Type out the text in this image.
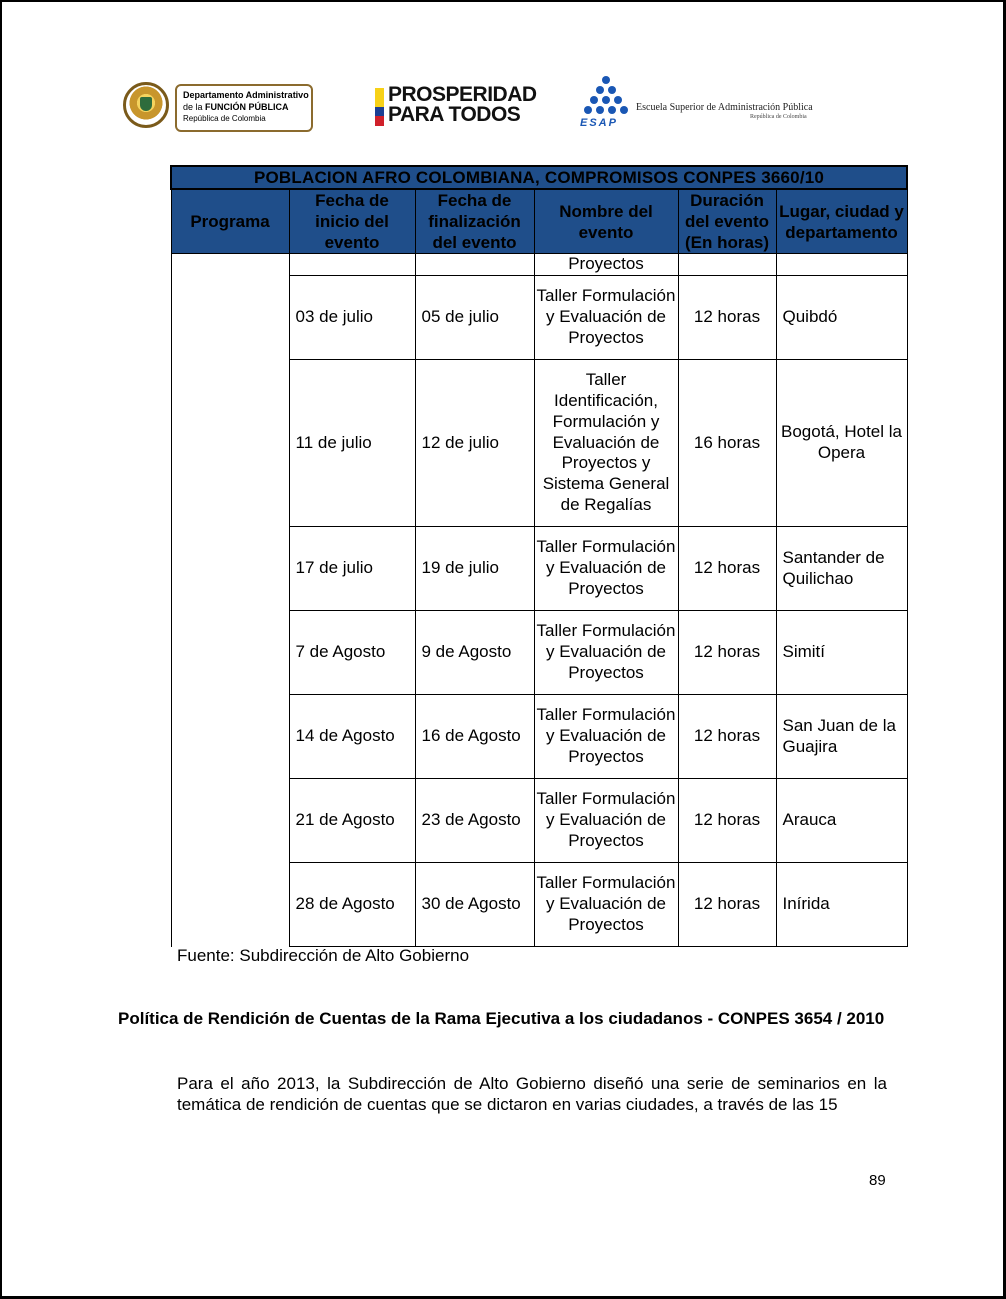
Departamento Administrativo
de la FUNCIÓN PÚBLICA
República de Colombia
PROSPERIDAD
PARA TODOS	ESAP
Escuela Superior de Administración Pública
República de Colombia
POBLACION AFRO COLOMBIANA, COMPROMISOS CONPES 3660/10					
Programa	Fecha de inicio del evento	Fecha de finalización del evento	Nombre del evento	Duración del evento (En horas)	Lugar, ciudad y departamento
			Proyectos		
	03 de julio	05 de julio	Taller Formulación y Evaluación de Proyectos	12 horas	Quibdó
	11 de julio	12 de julio	Taller Identificación, Formulación y Evaluación de Proyectos y Sistema General de Regalías	16 horas	Bogotá, Hotel la Opera
	17 de julio	19 de julio	Taller Formulación y Evaluación de Proyectos	12 horas	Santander de Quilichao
	7 de Agosto	9 de Agosto	Taller Formulación y Evaluación de Proyectos	12 horas	Simití
	14 de Agosto	16 de Agosto	Taller Formulación y Evaluación de Proyectos	12 horas	San Juan de la Guajira
	21 de Agosto	23 de Agosto	Taller Formulación y Evaluación de Proyectos	12 horas	Arauca
	28 de Agosto	30 de Agosto	Taller Formulación y Evaluación de Proyectos	12 horas	Inírida
Fuente: Subdirección de Alto Gobierno
Política de Rendición de Cuentas de la Rama Ejecutiva a los ciudadanos - CONPES 3654 / 2010
Para el año 2013, la Subdirección de Alto Gobierno diseñó una serie de seminarios en la temática de rendición de cuentas que se dictaron en varias ciudades, a través de las 15
89
